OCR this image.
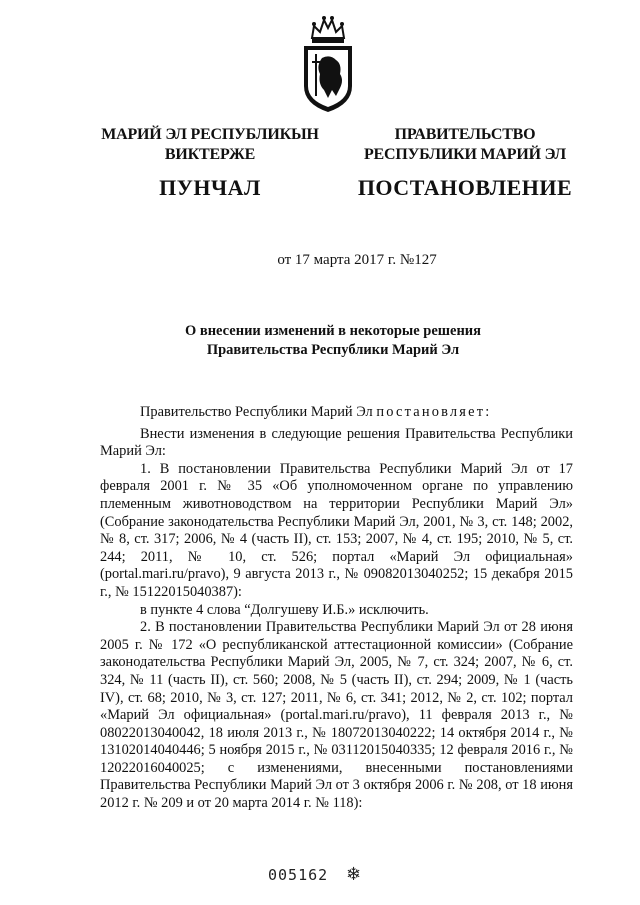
МАРИЙ ЭЛ РЕСПУБЛИКЫН
ВИКТЕРЖЕ
ПУНЧАЛ
ПРАВИТЕЛЬСТВО
РЕСПУБЛИКИ МАРИЙ ЭЛ
ПОСТАНОВЛЕНИЕ
от 17 марта 2017 г. №127
О внесении изменений в некоторые решения
Правительства Республики Марий Эл

Правительство Республики Марий Эл постановляет:

Внести изменения в следующие решения Правительства Республики Марий Эл:

1. В постановлении Правительства Республики Марий Эл от 17 февраля 2001 г. № 35 «Об уполномоченном органе по управлению племенным животноводством на территории Республики Марий Эл» (Собрание законодательства Республики Марий Эл, 2001, № 3, ст. 148; 2002, № 8, ст. 317; 2006, № 4 (часть II), ст. 153; 2007, № 4, ст. 195; 2010, № 5, ст. 244; 2011, № 10, ст. 526; портал «Марий Эл официальная» (portal.mari.ru/pravo), 9 августа 2013 г., № 09082013040252; 15 декабря 2015 г., № 15122015040387):

в пункте 4 слова “Долгушеву И.Б.» исключить.

2. В постановлении Правительства Республики Марий Эл от 28 июня 2005 г. № 172 «О республиканской аттестационной комиссии» (Собрание законодательства Республики Марий Эл, 2005, № 7, ст. 324; 2007, № 6, ст. 324, № 11 (часть II), ст. 560; 2008, № 5 (часть II), ст. 294; 2009, № 1 (часть IV), ст. 68; 2010, № 3, ст. 127; 2011, № 6, ст. 341; 2012, № 2, ст. 102; портал «Марий Эл официальная» (portal.mari.ru/pravo), 11 февраля 2013 г., № 08022013040042, 18 июля 2013 г., № 18072013040222; 14 октября 2014 г., № 13102014040446; 5 ноября 2015 г., № 03112015040335; 12 февраля 2016 г., № 12022016040025; с изменениями, внесенными постановлениями Правительства Республики Марий Эл от 3 октября 2006 г. № 208, от 18 июня 2012 г. № 209 и от 20 марта 2014 г. № 118):

005162 ❄
